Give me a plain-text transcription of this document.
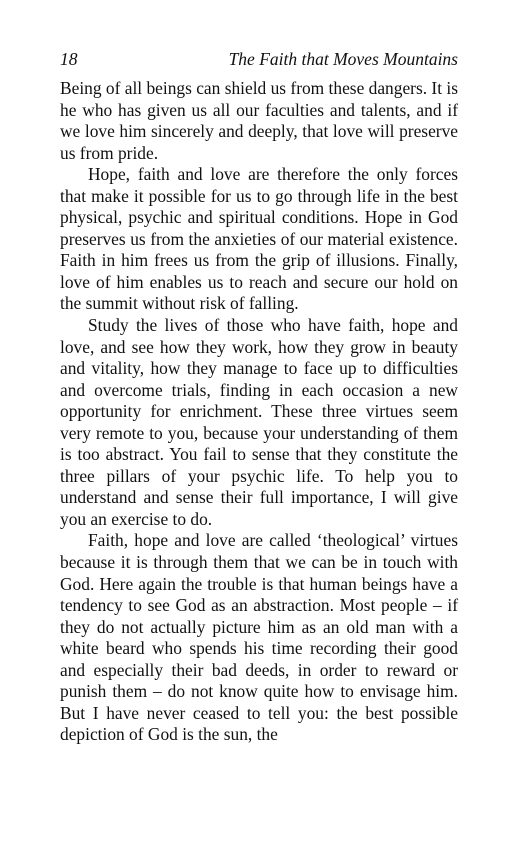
18	The Faith that Moves Mountains

Being of all beings can shield us from these dangers. It is he who has given us all our faculties and talents, and if we love him sincerely and deeply, that love will preserve us from pride.

Hope, faith and love are therefore the only forces that make it possible for us to go through life in the best physical, psychic and spiritual conditions. Hope in God preserves us from the anxieties of our material existence. Faith in him frees us from the grip of illusions. Finally, love of him enables us to reach and secure our hold on the summit without risk of falling.

Study the lives of those who have faith, hope and love, and see how they work, how they grow in beauty and vitality, how they manage to face up to difficulties and overcome trials, finding in each occasion a new opportunity for enrichment. These three virtues seem very remote to you, because your understanding of them is too abstract. You fail to sense that they constitute the three pillars of your psychic life. To help you to understand and sense their full importance, I will give you an exercise to do.

Faith, hope and love are called ‘theological’ virtues because it is through them that we can be in touch with God. Here again the trouble is that human beings have a tendency to see God as an abstraction. Most people – if they do not actually picture him as an old man with a white beard who spends his time recording their good and especially their bad deeds, in order to reward or punish them – do not know quite how to envisage him. But I have never ceased to tell you: the best possible depiction of God is the sun, the
